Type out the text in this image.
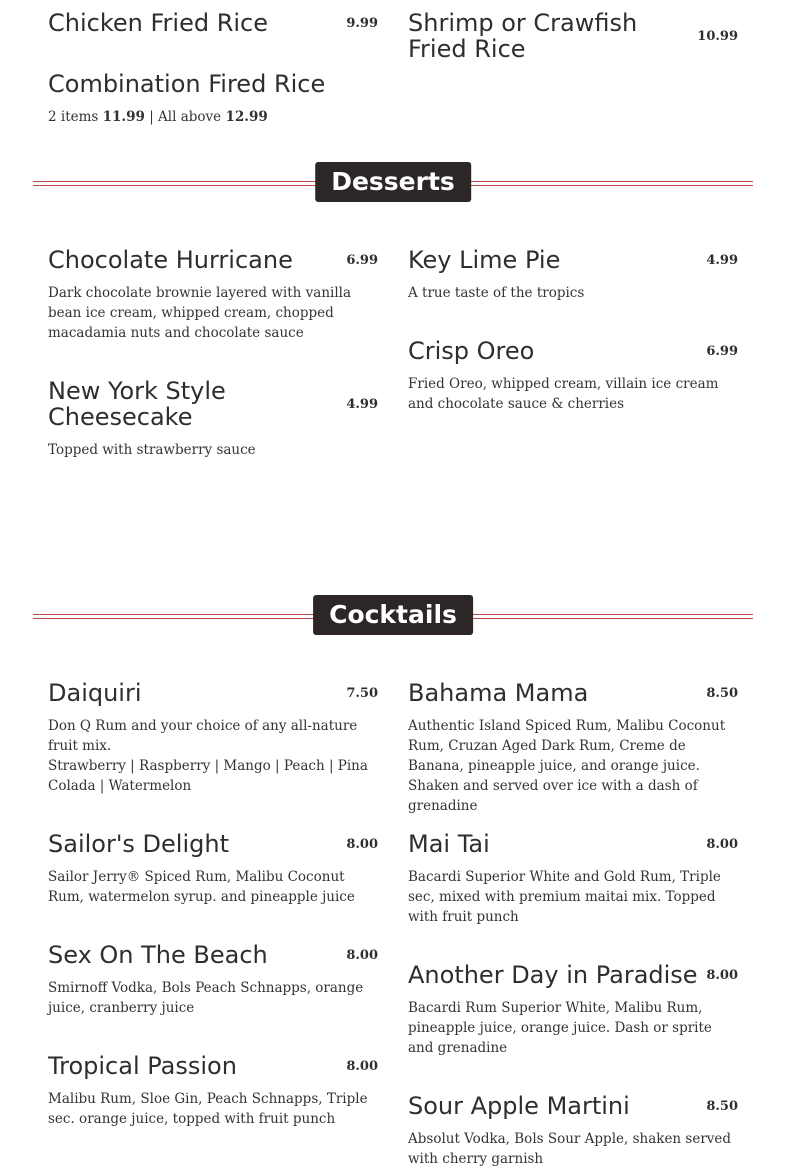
Chicken Fried Rice	9.99 Shrimp or Crawfish Fried Rice	10.99
Combination Fired Rice
2 items 11.99 | All above 12.99
Desserts
Chocolate Hurricane	6.99
Dark chocolate brownie layered with vanilla bean ice cream, whipped cream, chopped macadamia nuts and chocolate sauce
Key Lime Pie	4.99
A true taste of the tropics
Crisp Oreo	6.99
Fried Oreo, whipped cream, villain ice cream and chocolate sauce & cherries
New York Style Cheesecake	4.99
Topped with strawberry sauce
Cocktails
Daiquiri	7.50
Don Q Rum and your choice of any all-nature fruit mix.
Strawberry | Raspberry | Mango | Peach | Pina Colada | Watermelon
Sailor's Delight	8.00
Sailor Jerry® Spiced Rum, Malibu Coconut Rum, watermelon syrup. and pineapple juice
Sex On The Beach	8.00
Smirnoff Vodka, Bols Peach Schnapps, orange juice, cranberry juice
Tropical Passion	8.00
Malibu Rum, Sloe Gin, Peach Schnapps, Triple sec. orange juice, topped with fruit punch
Bahama Mama	8.50
Authentic Island Spiced Rum, Malibu Coconut Rum, Cruzan Aged Dark Rum, Creme de Banana, pineapple juice, and orange juice. Shaken and served over ice with a dash of grenadine
Mai Tai	8.00
Bacardi Superior White and Gold Rum, Triple sec, mixed with premium maitai mix. Topped with fruit punch
Another Day in Paradise 8.00
Bacardi Rum Superior White, Malibu Rum, pineapple juice, orange juice. Dash or sprite and grenadine
Sour Apple Martini	8.50
Absolut Vodka, Bols Sour Apple, shaken served with cherry garnish
